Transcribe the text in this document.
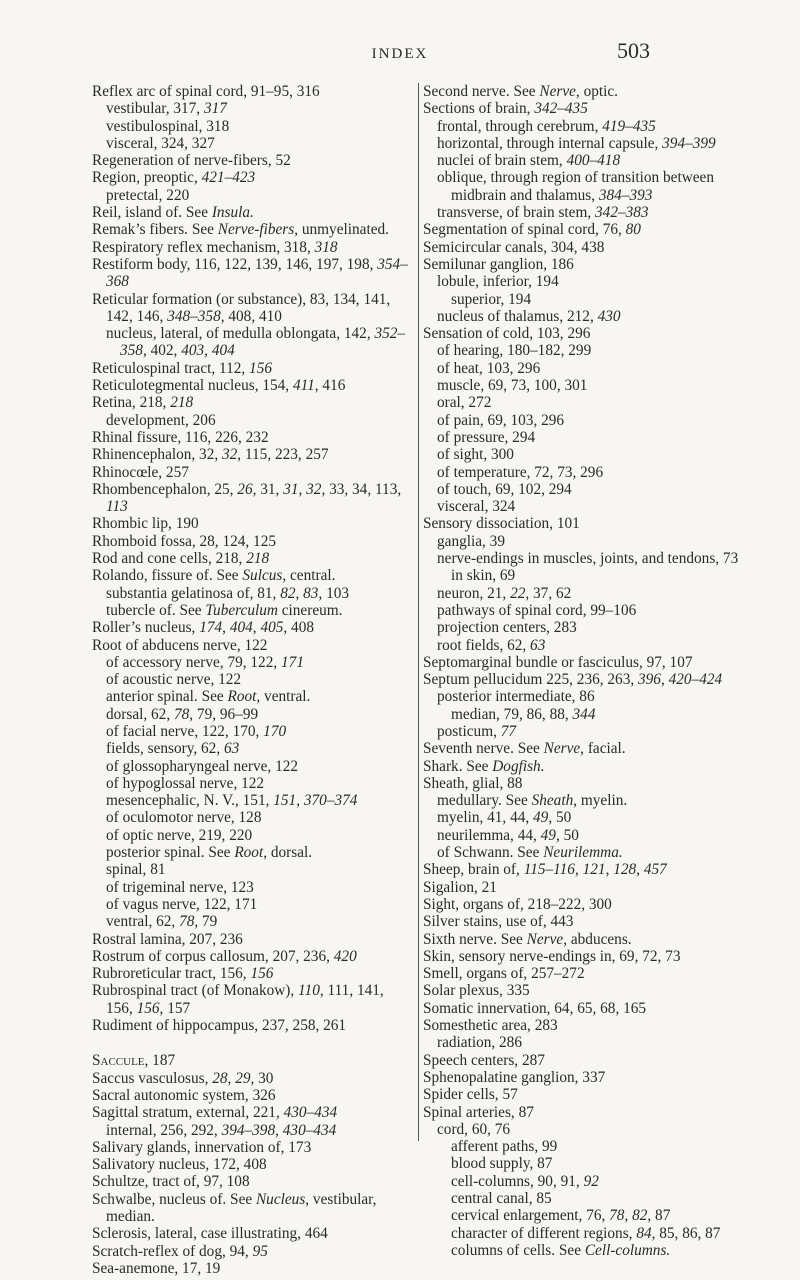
INDEX	503
Reflex arc of spinal cord, 91–95, 316
vestibular, 317, 317
vestibulospinal, 318
visceral, 324, 327
Regeneration of nerve-fibers, 52
Region, preoptic, 421–423
pretectal, 220
Reil, island of. See Insula.
Remak’s fibers. See Nerve-fibers, unmyelinated.
Respiratory reflex mechanism, 318, 318
Restiform body, 116, 122, 139, 146, 197, 198, 354–368
Reticular formation (or substance), 83, 134, 141, 142, 146, 348–358, 408, 410
nucleus, lateral, of medulla oblongata, 142, 352–358, 402, 403, 404
Reticulospinal tract, 112, 156
Reticulotegmental nucleus, 154, 411, 416
Retina, 218, 218
development, 206
Rhinal fissure, 116, 226, 232
Rhinencephalon, 32, 32, 115, 223, 257
Rhinocœle, 257
Rhombencephalon, 25, 26, 31, 31, 32, 33, 34, 113, 113
Rhombic lip, 190
Rhomboid fossa, 28, 124, 125
Rod and cone cells, 218, 218
Rolando, fissure of. See Sulcus, central.
substantia gelatinosa of, 81, 82, 83, 103
tubercle of. See Tuberculum cinereum.
Roller’s nucleus, 174, 404, 405, 408
Root of abducens nerve, 122
of accessory nerve, 79, 122, 171
of acoustic nerve, 122
anterior spinal. See Root, ventral.
dorsal, 62, 78, 79, 96–99
of facial nerve, 122, 170, 170
fields, sensory, 62, 63
of glossopharyngeal nerve, 122
of hypoglossal nerve, 122
mesencephalic, N. V., 151, 151, 370–374
of oculomotor nerve, 128
of optic nerve, 219, 220
posterior spinal. See Root, dorsal.
spinal, 81
of trigeminal nerve, 123
of vagus nerve, 122, 171
ventral, 62, 78, 79
Rostral lamina, 207, 236
Rostrum of corpus callosum, 207, 236, 420
Rubroreticular tract, 156, 156
Rubrospinal tract (of Monakow), 110, 111, 141, 156, 156, 157
Rudiment of hippocampus, 237, 258, 261
Saccule, 187
Saccus vasculosus, 28, 29, 30
Sacral autonomic system, 326
Sagittal stratum, external, 221, 430–434
internal, 256, 292, 394–398, 430–434
Salivary glands, innervation of, 173
Salivatory nucleus, 172, 408
Schultze, tract of, 97, 108
Schwalbe, nucleus of. See Nucleus, vestibular, median.
Sclerosis, lateral, case illustrating, 464
Scratch-reflex of dog, 94, 95
Sea-anemone, 17, 19
Second nerve. See Nerve, optic.
Sections of brain, 342–435
frontal, through cerebrum, 419–435
horizontal, through internal capsule, 394–399
nuclei of brain stem, 400–418
oblique, through region of transition between midbrain and thalamus, 384–393
transverse, of brain stem, 342–383
Segmentation of spinal cord, 76, 80
Semicircular canals, 304, 438
Semilunar ganglion, 186
lobule, inferior, 194
superior, 194
nucleus of thalamus, 212, 430
Sensation of cold, 103, 296
of hearing, 180–182, 299
of heat, 103, 296
muscle, 69, 73, 100, 301
oral, 272
of pain, 69, 103, 296
of pressure, 294
of sight, 300
of temperature, 72, 73, 296
of touch, 69, 102, 294
visceral, 324
Sensory dissociation, 101
ganglia, 39
nerve-endings in muscles, joints, and tendons, 73
in skin, 69
neuron, 21, 22, 37, 62
pathways of spinal cord, 99–106
projection centers, 283
root fields, 62, 63
Septomarginal bundle or fasciculus, 97, 107
Septum pellucidum 225, 236, 263, 396, 420–424
posterior intermediate, 86
median, 79, 86, 88, 344
posticum, 77
Seventh nerve. See Nerve, facial.
Shark. See Dogfish.
Sheath, glial, 88
medullary. See Sheath, myelin.
myelin, 41, 44, 49, 50
neurilemma, 44, 49, 50
of Schwann. See Neurilemma.
Sheep, brain of, 115–116, 121, 128, 457
Sigalion, 21
Sight, organs of, 218–222, 300
Silver stains, use of, 443
Sixth nerve. See Nerve, abducens.
Skin, sensory nerve-endings in, 69, 72, 73
Smell, organs of, 257–272
Solar plexus, 335
Somatic innervation, 64, 65, 68, 165
Somesthetic area, 283
radiation, 286
Speech centers, 287
Sphenopalatine ganglion, 337
Spider cells, 57
Spinal arteries, 87
cord, 60, 76
afferent paths, 99
blood supply, 87
cell-columns, 90, 91, 92
central canal, 85
cervical enlargement, 76, 78, 82, 87
character of different regions, 84, 85, 86, 87
columns of cells. See Cell-columns.
